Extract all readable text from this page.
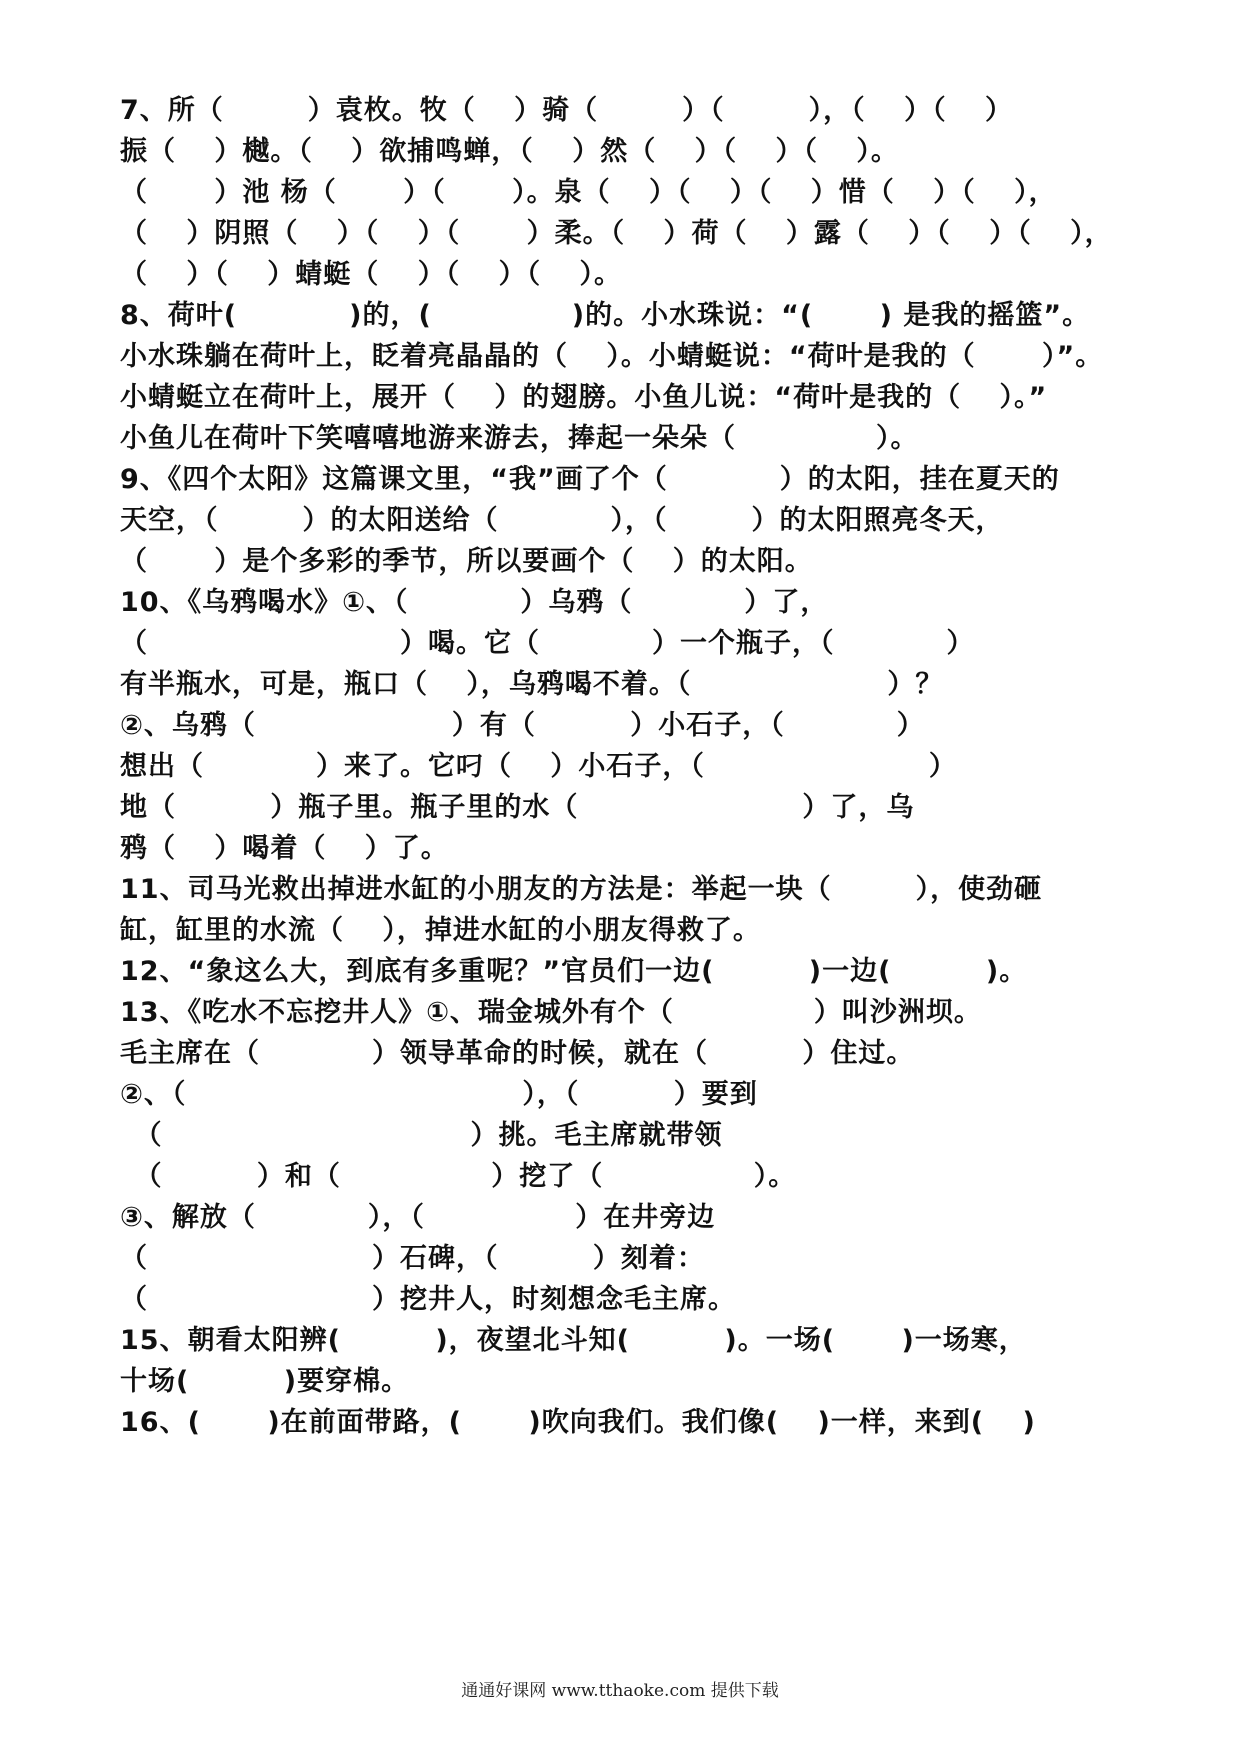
7、所（　　　）袁枚。牧（　 ）骑（　　　）（　　　），（　 ）（　 ）
振（　 ）樾。（　 ）欲捕鸣蝉，（　 ）然（　 ）（　 ）（　 ）。
（　　 ）池 杨（　　 ）（　　 ）。泉（　 ）（　 ）（　 ）惜（　 ）（　 ），
（　 ）阴照（　 ）（　 ）（　　 ）柔。（　 ）荷（　 ）露（　 ）（　 ）（　 ），
（　 ）（　 ）蜻蜓（　 ）（　 ）（　 ）。
8、荷叶(　　　　)的，(　　　　　)的。小水珠说：“(　　 ) 是我的摇篮”。
小水珠躺在荷叶上，眨着亮晶晶的（　 ）。小蜻蜓说：“荷叶是我的（　　 ）”。
小蜻蜓立在荷叶上，展开（　 ）的翅膀。小鱼儿说：“荷叶是我的（　 ）。”
小鱼儿在荷叶下笑嘻嘻地游来游去，捧起一朵朵（　　　　　）。
9、《四个太阳》这篇课文里，“我”画了个（　　　　）的太阳，挂在夏天的
天空，（　　　）的太阳送给（　　　　），（　　　）的太阳照亮冬天，
（　　 ）是个多彩的季节，所以要画个（　 ）的太阳。
10、《乌鸦喝水》①、（　　　　）乌鸦（　　　　）了，
（　　　　　　　　　）喝。它（　　　　）一个瓶子，（　　　　）
有半瓶水，可是，瓶口（　 ），乌鸦喝不着。（　　　　　　　）？
②、乌鸦（　　　　　　　）有（　　　 ）小石子，（　　　　）
想出（　　　　）来了。它叼（　 ）小石子，（　　　　　　　　）
地（　　　 ）瓶子里。瓶子里的水（　　　　　　　　）了，乌
鸦（　 ）喝着（　 ）了。
11、司马光救出掉进水缸的小朋友的方法是：举起一块（　　　），使劲砸
缸，缸里的水流（　 ），掉进水缸的小朋友得救了。
12、“象这么大，到底有多重呢？”官员们一边(　　　 )一边(　　　 )。
13、《吃水不忘挖井人》①、瑞金城外有个（　　　　　）叫沙洲坝。
毛主席在（　　　　）领导革命的时候，就在（　　　 ）住过。
②、（　　　　　　　　　　　　），（　　　 ）要到
　（　　　　　　　　　　　）挑。毛主席就带领
　（　　　 ）和（　　　　　 ）挖了（　　　　　 ）。
③、解放（　　　　），（　　　　　 ）在井旁边
（　　　　　　　　）石碑，（　　　 ）刻着：
（　　　　　　　　）挖井人，时刻想念毛主席。
15、朝看太阳辨(　　　 )，夜望北斗知(　　　 )。一场(　　 )一场寒，
十场(　　　 )要穿棉。
16、(　　 )在前面带路，(　　 )吹向我们。我们像(　 )一样，来到(　 )
通通好课网 www.tthaoke.com 提供下载
